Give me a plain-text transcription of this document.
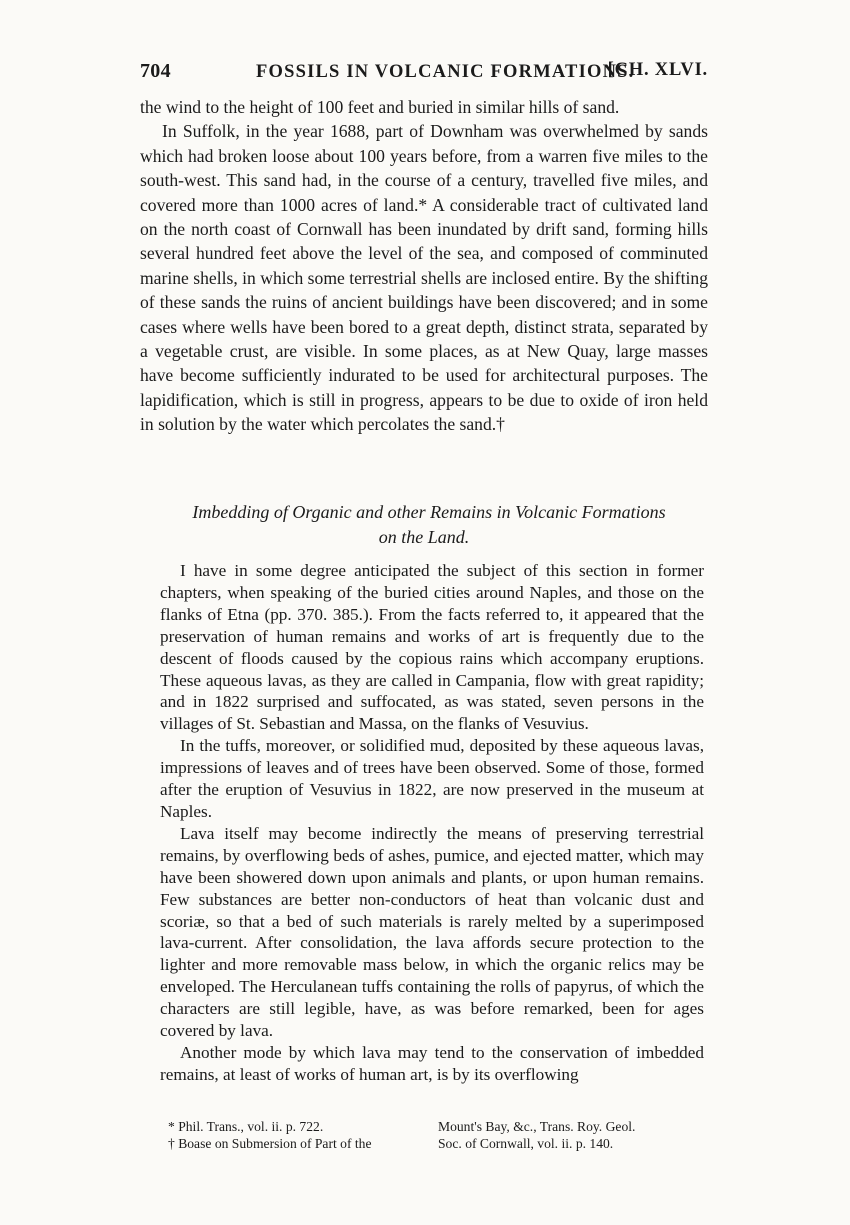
704	FOSSILS IN VOLCANIC FORMATIONS.
[CH. XLVI.

the wind to the height of 100 feet and buried in similar hills of sand.

In Suffolk, in the year 1688, part of Downham was overwhelmed by sands which had broken loose about 100 years before, from a warren five miles to the south-west. This sand had, in the course of a century, travelled five miles, and covered more than 1000 acres of land.* A considerable tract of cultivated land on the north coast of Cornwall has been inundated by drift sand, forming hills several hundred feet above the level of the sea, and composed of comminuted marine shells, in which some terrestrial shells are inclosed entire. By the shifting of these sands the ruins of ancient buildings have been discovered; and in some cases where wells have been bored to a great depth, distinct strata, separated by a vegetable crust, are visible. In some places, as at New Quay, large masses have become sufficiently indurated to be used for architectural purposes. The lapidification, which is still in progress, appears to be due to oxide of iron held in solution by the water which percolates the sand.†

Imbedding of Organic and other Remains in Volcanic Formations
on the Land.

I have in some degree anticipated the subject of this section in former chapters, when speaking of the buried cities around Naples, and those on the flanks of Etna (pp. 370. 385.). From the facts referred to, it appeared that the preservation of human remains and works of art is frequently due to the descent of floods caused by the copious rains which accompany eruptions. These aqueous lavas, as they are called in Campania, flow with great rapidity; and in 1822 surprised and suffocated, as was stated, seven persons in the villages of St. Sebastian and Massa, on the flanks of Vesuvius.

In the tuffs, moreover, or solidified mud, deposited by these aqueous lavas, impressions of leaves and of trees have been observed. Some of those, formed after the eruption of Vesuvius in 1822, are now preserved in the museum at Naples.

Lava itself may become indirectly the means of preserving terrestrial remains, by overflowing beds of ashes, pumice, and ejected matter, which may have been showered down upon animals and plants, or upon human remains. Few substances are better non-conductors of heat than volcanic dust and scoriæ, so that a bed of such materials is rarely melted by a superimposed lava-current. After consolidation, the lava affords secure protection to the lighter and more removable mass below, in which the organic relics may be enveloped. The Herculanean tuffs containing the rolls of papyrus, of which the characters are still legible, have, as was before remarked, been for ages covered by lava.

Another mode by which lava may tend to the conservation of imbedded remains, at least of works of human art, is by its overflowing

* Phil. Trans., vol. ii. p. 722.	Mount's Bay, &c., Trans. Roy. Geol.
† Boase on Submersion of Part of the	Soc. of Cornwall, vol. ii. p. 140.
